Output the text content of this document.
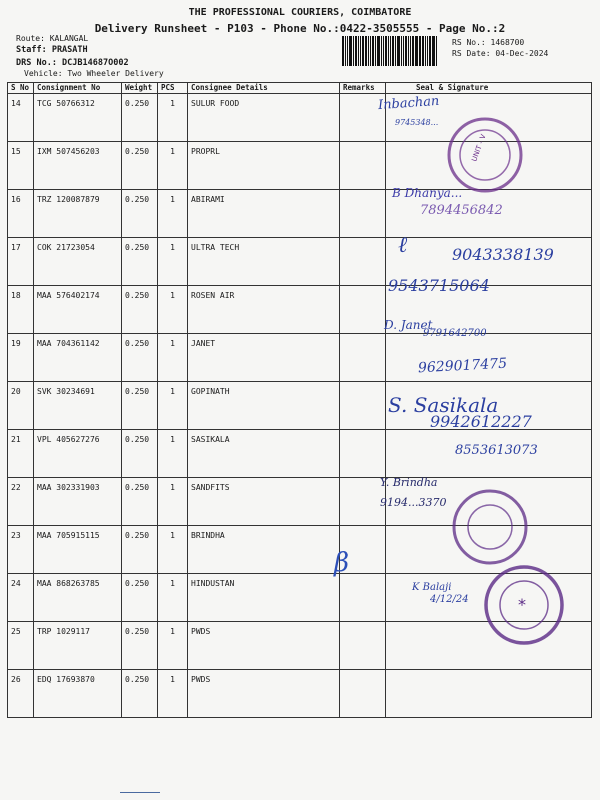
THE PROFESSIONAL COURIERS, COIMBATORE
Delivery Runsheet - P103 - Phone No.:0422-3505555 - Page No.:2
Route: KALANGAL
Staff: PRASATH
DRS No.: DCJB14687O002
Vehicle: Two Wheeler Delivery
RS No.: 1468700
RS Date: 04-Dec-2024
S No	Consignment No	Weight	PCS	Consignee Details	Remarks	Seal & Signature
14	TCG 50766312	0.250	1	SULUR FOOD		
15	IXM 507456203	0.250	1	PROPRL		
16	TRZ 120087879	0.250	1	ABIRAMI		
17	COK 21723054	0.250	1	ULTRA TECH		
18	MAA 576402174	0.250	1	ROSEN AIR		
19	MAA 704361142	0.250	1	JANET		
20	SVK 30234691	0.250	1	GOPINATH		
21	VPL 405627276	0.250	1	SASIKALA		
22	MAA 302331903	0.250	1	SANDFITS		
23	MAA 705915115	0.250	1	BRINDHA		
24	MAA 868263785	0.250	1	HINDUSTAN		
25	TRP 1029117	0.250	1	PWDS		
26	EDQ 17693870	0.250	1	PWDS		
Inbachan
9745348...
B Dhanya...
7894456842
ℓ	9043338139
9543715064
D. Janet
9791642700
9629017475
S. Sasikala
9942612227
8553613073
Y. Brindha
9194...3370
β
K Balaji
4/12/24
UNIT - V
*
